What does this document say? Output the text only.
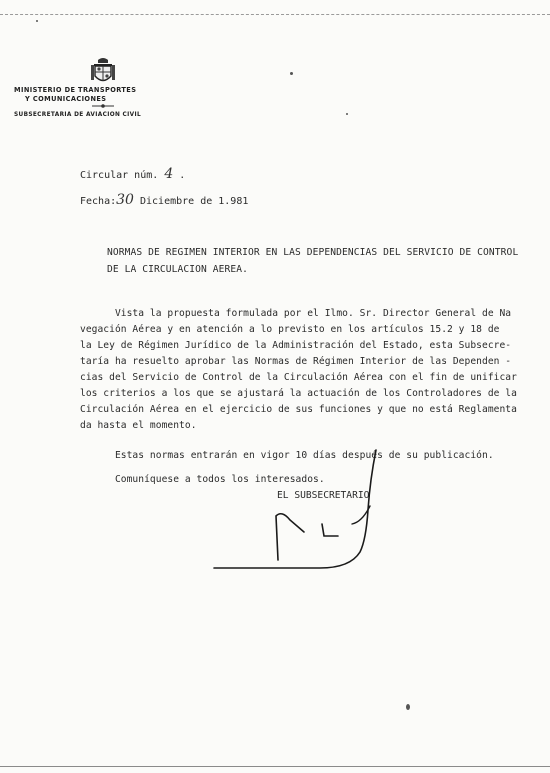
MINISTERIO DE TRANSPORTES
Y COMUNICACIONES
SUBSECRETARIA DE AVIACION CIVIL
Circular núm. 4 .
Fecha:30 Diciembre de 1.981
NORMAS DE REGIMEN INTERIOR EN LAS DEPENDENCIAS DEL SERVICIO DE CONTROL
DE LA CIRCULACION AEREA.
Vista la propuesta formulada por el Ilmo. Sr. Director General de Na
vegación Aérea y en atención a lo previsto en los artículos 15.2 y 18 de
la Ley de Régimen Jurídico de la Administración del Estado, esta Subsecre-
taría ha resuelto aprobar las Normas de Régimen Interior de las Dependen -
cias del Servicio de Control de la Circulación Aérea con el fin de unificar
los criterios a los que se ajustará la actuación de los Controladores de la
Circulación Aérea en el ejercicio de sus funciones y que no está Reglamenta
da hasta el momento.
Estas normas entrarán en vigor 10 días después de su publicación.
Comuníquese a todos los interesados.
EL SUBSECRETARIO
